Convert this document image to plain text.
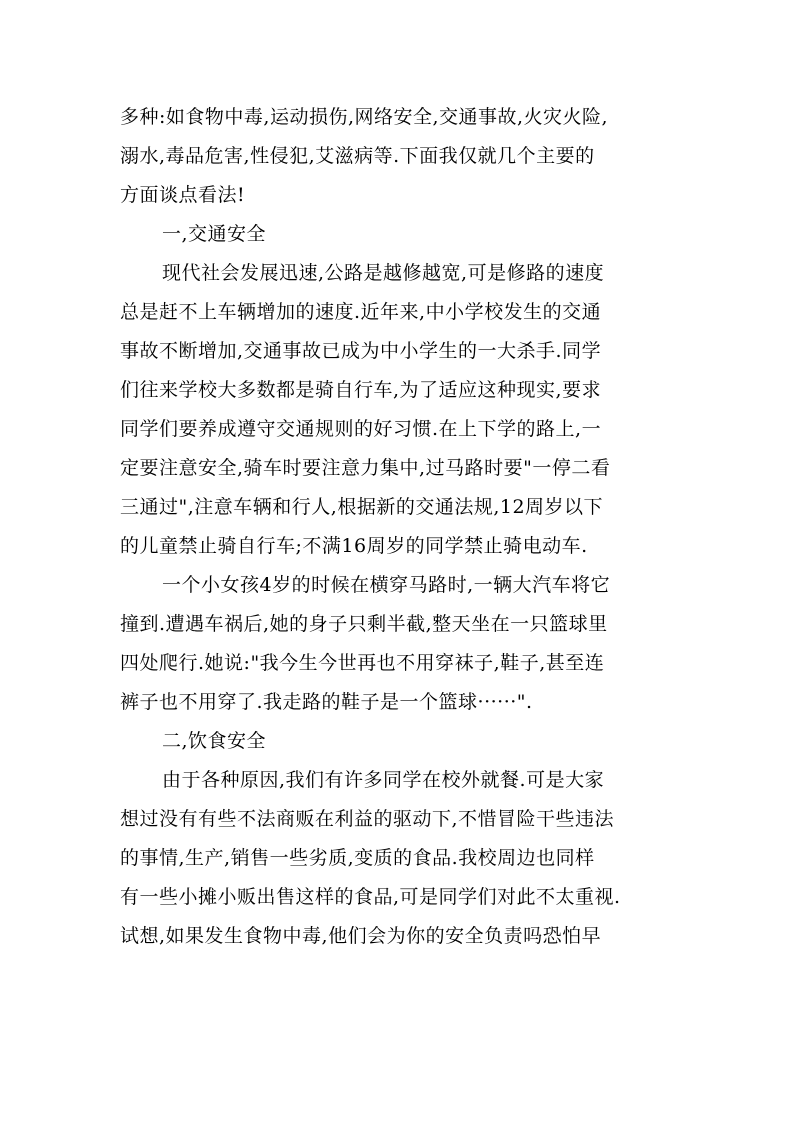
多种:如食物中毒,运动损伤,网络安全,交通事故,火灾火险,
溺水,毒品危害,性侵犯,艾滋病等.下面我仅就几个主要的
方面谈点看法!
一,交通安全
现代社会发展迅速,公路是越修越宽,可是修路的速度
总是赶不上车辆增加的速度.近年来,中小学校发生的交通
事故不断增加,交通事故已成为中小学生的一大杀手.同学
们往来学校大多数都是骑自行车,为了适应这种现实,要求
同学们要养成遵守交通规则的好习惯.在上下学的路上,一
定要注意安全,骑车时要注意力集中,过马路时要"一停二看
三通过",注意车辆和行人,根据新的交通法规,12周岁以下
的儿童禁止骑自行车;不满16周岁的同学禁止骑电动车.
一个小女孩4岁的时候在横穿马路时,一辆大汽车将它
撞到.遭遇车祸后,她的身子只剩半截,整天坐在一只篮球里
四处爬行.她说:"我今生今世再也不用穿袜子,鞋子,甚至连
裤子也不用穿了.我走路的鞋子是一个篮球······".
二,饮食安全
由于各种原因,我们有许多同学在校外就餐.可是大家
想过没有有些不法商贩在利益的驱动下,不惜冒险干些违法
的事情,生产,销售一些劣质,变质的食品.我校周边也同样
有一些小摊小贩出售这样的食品,可是同学们对此不太重视.
试想,如果发生食物中毒,他们会为你的安全负责吗恐怕早
